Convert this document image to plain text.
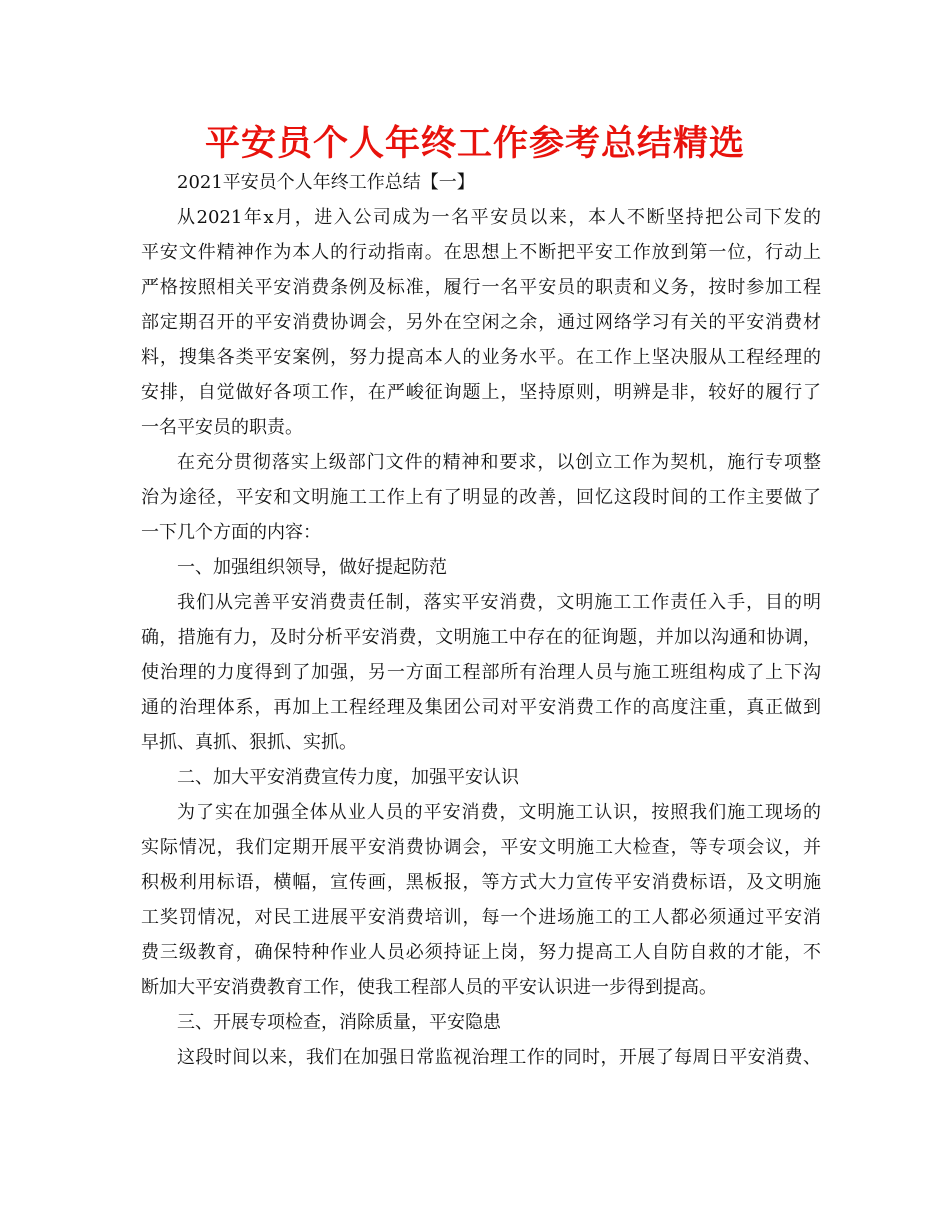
平安员个人年终工作参考总结精选
2021平安员个人年终工作总结【一】
从2021年x月，进入公司成为一名平安员以来，本人不断坚持把公司下发的
平安文件精神作为本人的行动指南。在思想上不断把平安工作放到第一位，行动上
严格按照相关平安消费条例及标准，履行一名平安员的职责和义务，按时参加工程
部定期召开的平安消费协调会，另外在空闲之余，通过网络学习有关的平安消费材
料，搜集各类平安案例，努力提高本人的业务水平。在工作上坚决服从工程经理的
安排，自觉做好各项工作，在严峻征询题上，坚持原则，明辨是非，较好的履行了
一名平安员的职责。
在充分贯彻落实上级部门文件的精神和要求，以创立工作为契机，施行专项整
治为途径，平安和文明施工工作上有了明显的改善，回忆这段时间的工作主要做了
一下几个方面的内容：
一、加强组织领导，做好提起防范
我们从完善平安消费责任制，落实平安消费，文明施工工作责任入手，目的明
确，措施有力，及时分析平安消费，文明施工中存在的征询题，并加以沟通和协调，
使治理的力度得到了加强，另一方面工程部所有治理人员与施工班组构成了上下沟
通的治理体系，再加上工程经理及集团公司对平安消费工作的高度注重，真正做到
早抓、真抓、狠抓、实抓。
二、加大平安消费宣传力度，加强平安认识
为了实在加强全体从业人员的平安消费，文明施工认识，按照我们施工现场的
实际情况，我们定期开展平安消费协调会，平安文明施工大检查，等专项会议，并
积极利用标语，横幅，宣传画，黑板报，等方式大力宣传平安消费标语，及文明施
工奖罚情况，对民工进展平安消费培训，每一个进场施工的工人都必须通过平安消
费三级教育，确保特种作业人员必须持证上岗，努力提高工人自防自救的才能，不
断加大平安消费教育工作，使我工程部人员的平安认识进一步得到提高。
三、开展专项检查，消除质量，平安隐患
这段时间以来，我们在加强日常监视治理工作的同时，开展了每周日平安消费、
